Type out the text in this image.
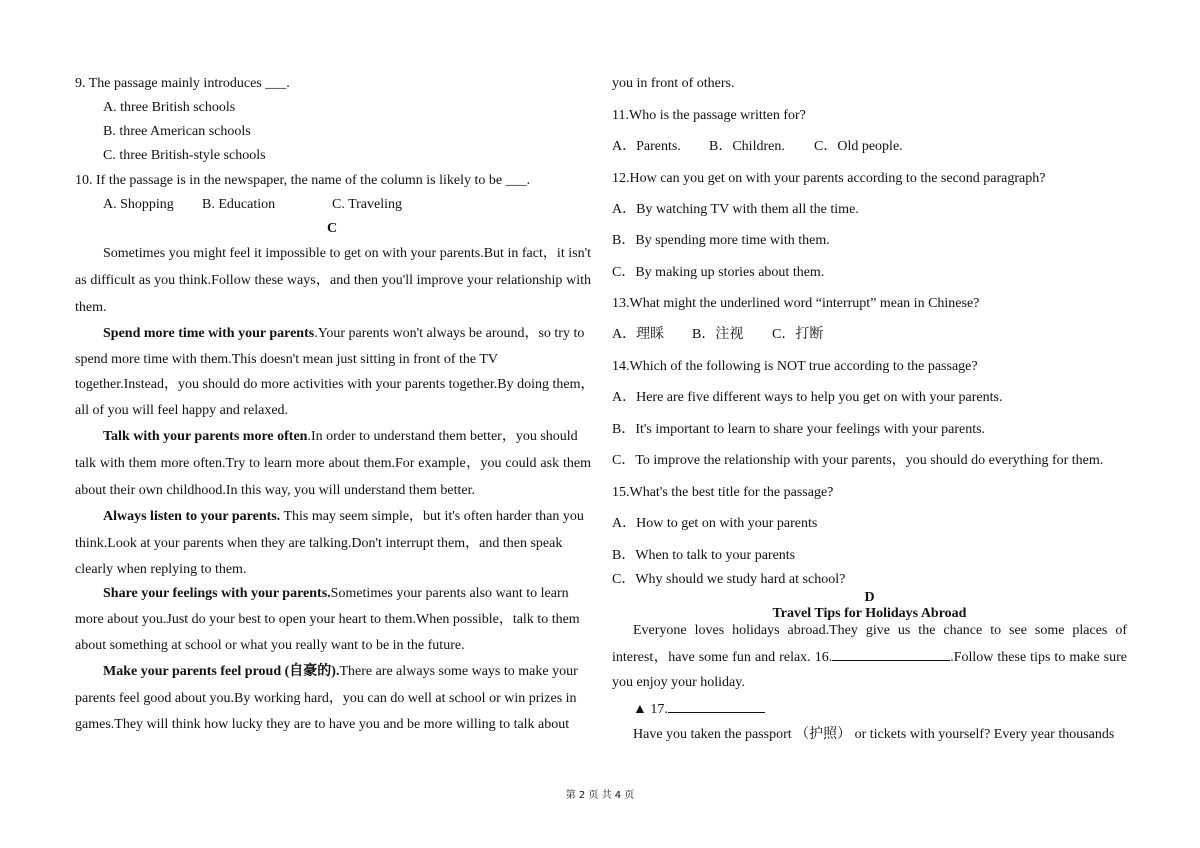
9. The passage mainly introduces ___.
A. three British schools
B. three American schools
C. three British-style schools
10. If the passage is in the newspaper, the name of the column is likely to be ___.
A. Shopping B. Education	C. Traveling
C
Sometimes you might feel it impossible to get on with your parents.But in fact，it isn't
as difficult as you think.Follow these ways，and then you'll improve your relationship with
them.
Spend more time with your parents.Your parents won't always be around，so try to
spend more time with them.This doesn't mean just sitting in front of the TV
together.Instead，you should do more activities with your parents together.By doing them，
all of you will feel happy and relaxed.
Talk with your parents more often.In order to understand them better，you should
talk with them more often.Try to learn more about them.For example，you could ask them
about their own childhood.In this way, you will understand them better.
Always listen to your parents. This may seem simple，but it's often harder than you
think.Look at your parents when they are talking.Don't interrupt them，and then speak
clearly when replying to them.
Share your feelings with your parents.Sometimes your parents also want to learn
more about you.Just do your best to open your heart to them.When possible，talk to them
about something at school or what you really want to be in the future.
Make your parents feel proud (自豪的).There are always some ways to make your
parents feel good about you.By working hard，you can do well at school or win prizes in
games.They will think how lucky they are to have you and be more willing to talk about
you in front of others.
11.Who is the passage written for?
A．Parents. B．Children. C．Old people.
12.How can you get on with your parents according to the second paragraph?
A．By watching TV with them all the time.
B．By spending more time with them.
C．By making up stories about them.
13.What might the underlined word “interrupt” mean in Chinese?
A．理睬 B．注视 C．打断
14.Which of the following is NOT true according to the passage?
A．Here are five different ways to help you get on with your parents.
B．It's important to learn to share your feelings with your parents.
C．To improve the relationship with your parents，you should do everything for them.
15.What's the best title for the passage?
A．How to get on with your parents
B．When to talk to your parents
C．Why should we study hard at school?
D
Travel Tips for Holidays Abroad
Everyone loves holidays abroad.They give us the chance to see some places of
interest，have some fun and relax. 16.	.Follow these tips to make sure
you enjoy your holiday.
▲ 17.
Have you taken the passport （护照） or tickets with yourself? Every year thousands
第 2 页 共 4 页
